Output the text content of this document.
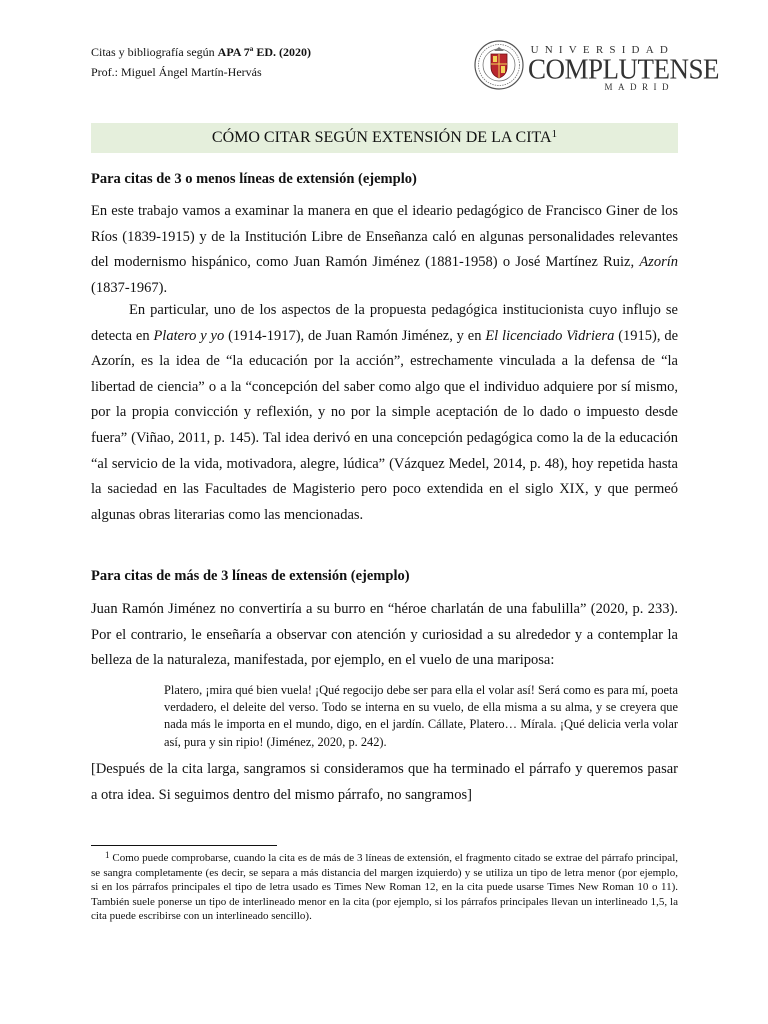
Citas y bibliografía según APA 7ª ED. (2020)
Prof.: Miguel Ángel Martín-Hervás
UNIVERSIDAD
COMPLUTENSE
MADRID
CÓMO CITAR SEGÚN EXTENSIÓN DE LA CITA$^1$
Para citas de 3 o menos líneas de extensión (ejemplo)

En este trabajo vamos a examinar la manera en que el ideario pedagógico de Francisco Giner de los Ríos (1839-1915) y de la Institución Libre de Enseñanza caló en algunas personalidades relevantes del modernismo hispánico, como Juan Ramón Jiménez (1881-1958) o José Martínez Ruiz, Azorín (1837-1967).

En particular, uno de los aspectos de la propuesta pedagógica institucionista cuyo influjo se detecta en Platero y yo (1914-1917), de Juan Ramón Jiménez, y en El licenciado Vidriera (1915), de Azorín, es la idea de “la educación por la acción”, estrechamente vinculada a la defensa de “la libertad de ciencia” o a la “concepción del saber como algo que el individuo adquiere por sí mismo, por la propia convicción y reflexión, y no por la simple aceptación de lo dado o impuesto desde fuera” (Viñao, 2011, p. 145). Tal idea derivó en una concepción pedagógica como la de la educación “al servicio de la vida, motivadora, alegre, lúdica” (Vázquez Medel, 2014, p. 48), hoy repetida hasta la saciedad en las Facultades de Magisterio pero poco extendida en el siglo XIX, y que permeó algunas obras literarias como las mencionadas.

Para citas de más de 3 líneas de extensión (ejemplo)

Juan Ramón Jiménez no convertiría a su burro en “héroe charlatán de una fabulilla” (2020, p. 233). Por el contrario, le enseñaría a observar con atención y curiosidad a su alrededor y a contemplar la belleza de la naturaleza, manifestada, por ejemplo, en el vuelo de una mariposa:

Platero, ¡mira qué bien vuela! ¡Qué regocijo debe ser para ella el volar así! Será como es para mí, poeta verdadero, el deleite del verso. Todo se interna en su vuelo, de ella misma a su alma, y se creyera que nada más le importa en el mundo, digo, en el jardín. Cállate, Platero… Mírala. ¡Qué delicia verla volar así, pura y sin ripio! (Jiménez, 2020, p. 242).

[Después de la cita larga, sangramos si consideramos que ha terminado el párrafo y queremos pasar a otra idea. Si seguimos dentro del mismo párrafo, no sangramos]

$^1$ Como puede comprobarse, cuando la cita es de más de 3 líneas de extensión, el fragmento citado se extrae del párrafo principal, se sangra completamente (es decir, se separa a más distancia del margen izquierdo) y se utiliza un tipo de letra menor (por ejemplo, si en los párrafos principales el tipo de letra usado es Times New Roman 12, en la cita puede usarse Times New Roman 10 o 11). También suele ponerse un tipo de interlineado menor en la cita (por ejemplo, si los párrafos principales llevan un interlineado 1,5, la cita puede escribirse con un interlineado sencillo).
